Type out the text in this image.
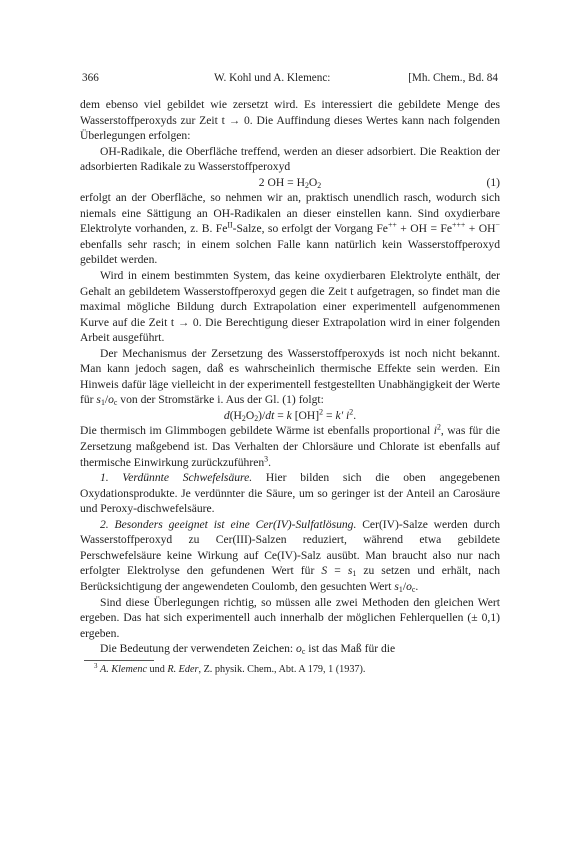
366	W. Kohl und A. Klemenc:	[Mh. Chem., Bd. 84

dem ebenso viel gebildet wie zersetzt wird. Es interessiert die gebildete Menge des Wasserstoffperoxyds zur Zeit t → 0. Die Auffindung dieses Wertes kann nach folgenden Überlegungen erfolgen:

OH-Radikale, die Oberfläche treffend, werden an dieser adsorbiert. Die Reaktion der adsorbierten Radikale zu Wasserstoffperoxyd

2 OH = $H_2O_2$	(1)

erfolgt an der Oberfläche, so nehmen wir an, praktisch unendlich rasch, wodurch sich niemals eine Sättigung an OH-Radikalen an dieser einstellen kann. Sind oxydierbare Elektrolyte vorhanden, z. B. $Fe^{II}$-Salze, so erfolgt der Vorgang Fe++ + OH = Fe+++ + OH− ebenfalls sehr rasch; in einem solchen Falle kann natürlich kein Wasserstoffperoxyd gebildet werden.

Wird in einem bestimmten System, das keine oxydierbaren Elektrolyte enthält, der Gehalt an gebildetem Wasserstoffperoxyd gegen die Zeit t aufgetragen, so findet man die maximal mögliche Bildung durch Extrapolation einer experimentell aufgenommenen Kurve auf die Zeit t → 0. Die Berechtigung dieser Extrapolation wird in einer folgenden Arbeit ausgeführt.

Der Mechanismus der Zersetzung des Wasserstoffperoxyds ist noch nicht bekannt. Man kann jedoch sagen, daß es wahrscheinlich thermische Effekte sein werden. Ein Hinweis dafür läge vielleicht in der experimentell festgestellten Unabhängigkeit der Werte für $s_1/o_c$ von der Stromstärke i. Aus der Gl. (1) folgt:

$d(H_2O_2)/dt = k$ [OH]$^2$ = k′ $i^2$.

Die thermisch im Glimmbogen gebildete Wärme ist ebenfalls proportional $i^2$, was für die Zersetzung maßgebend ist. Das Verhalten der Chlorsäure und Chlorate ist ebenfalls auf thermische Einwirkung zurückzuführen$^3$.

1. Verdünnte Schwefelsäure. Hier bilden sich die oben angegebenen Oxydationsprodukte. Je verdünnter die Säure, um so geringer ist der Anteil an Carosäure und Peroxy-dischwefelsäure.

2. Besonders geeignet ist eine Cer(IV)-Sulfatlösung. Cer(IV)-Salze werden durch Wasserstoffperoxyd zu Cer(III)-Salzen reduziert, während etwa gebildete Perschwefelsäure keine Wirkung auf Ce(IV)-Salz ausübt. Man braucht also nur nach erfolgter Elektrolyse den gefundenen Wert für $S = s_1$ zu setzen und erhält, nach Berücksichtigung der angewendeten Coulomb, den gesuchten Wert $s_1/o_c$.

Sind diese Überlegungen richtig, so müssen alle zwei Methoden den gleichen Wert ergeben. Das hat sich experimentell auch innerhalb der möglichen Fehlerquellen (± 0,1) ergeben.

Die Bedeutung der verwendeten Zeichen: $o_c$ ist das Maß für die

$^3$ A. Klemenc und R. Eder, Z. physik. Chem., Abt. A 179, 1 (1937).
